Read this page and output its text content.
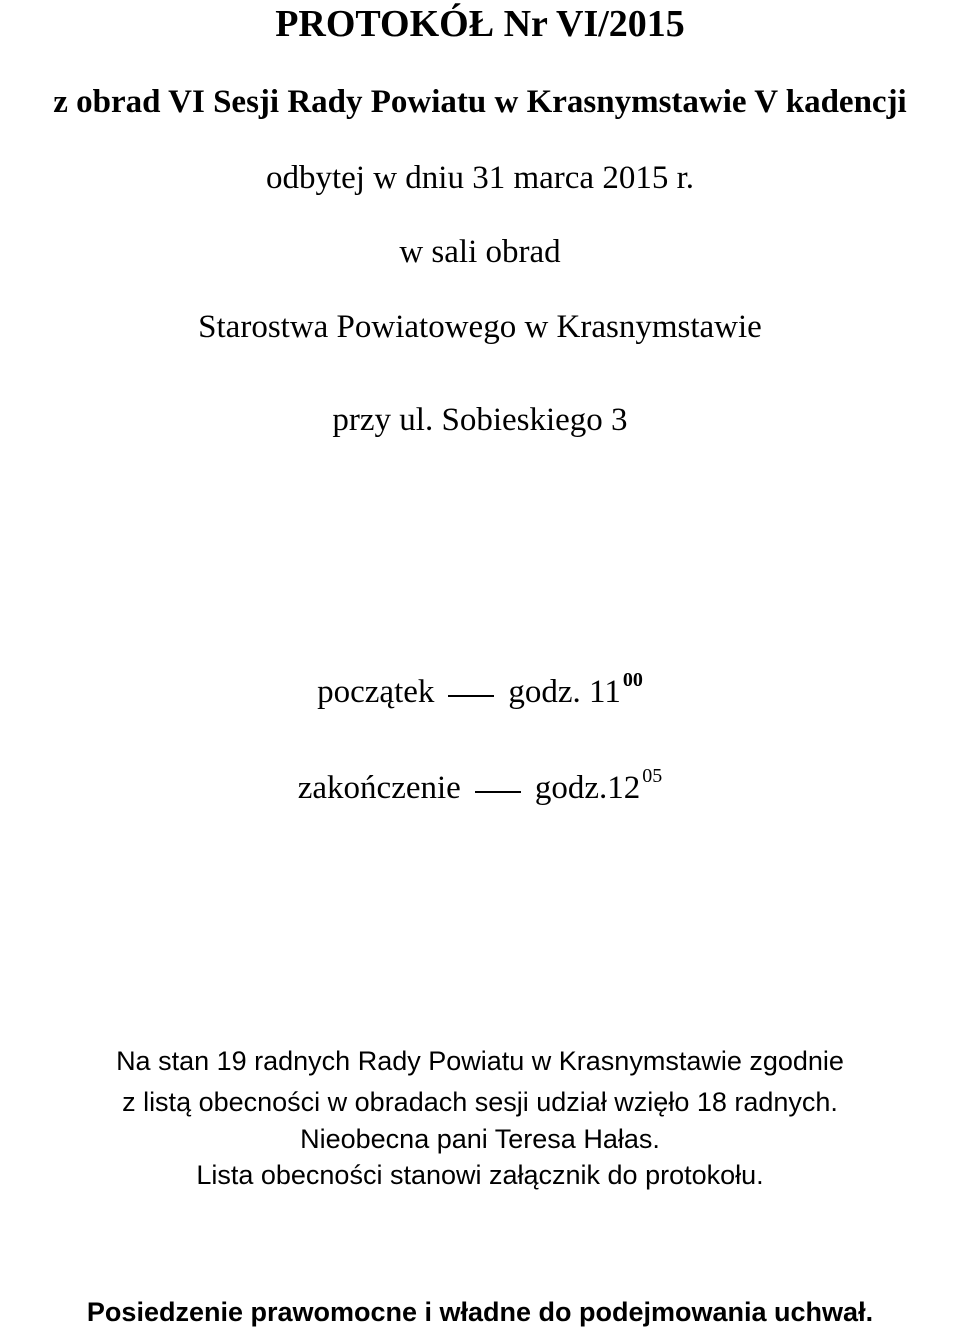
PROTOKÓŁ Nr VI/2015
z obrad VI Sesji Rady Powiatu w Krasnymstawie V kadencji
odbytej w dniu 31 marca 2015 r.
w sali obrad
Starostwa Powiatowego w Krasnymstawie
przy ul. Sobieskiego 3
początek godz. 11 $^{00}$
zakończenie godz.12 $^{05}$
Na stan 19 radnych Rady Powiatu w Krasnymstawie zgodnie
z listą obecności w obradach sesji udział wzięło 18 radnych.
Nieobecna pani Teresa Hałas.
Lista obecności stanowi załącznik do protokołu.
Posiedzenie prawomocne i władne do podejmowania uchwał.
